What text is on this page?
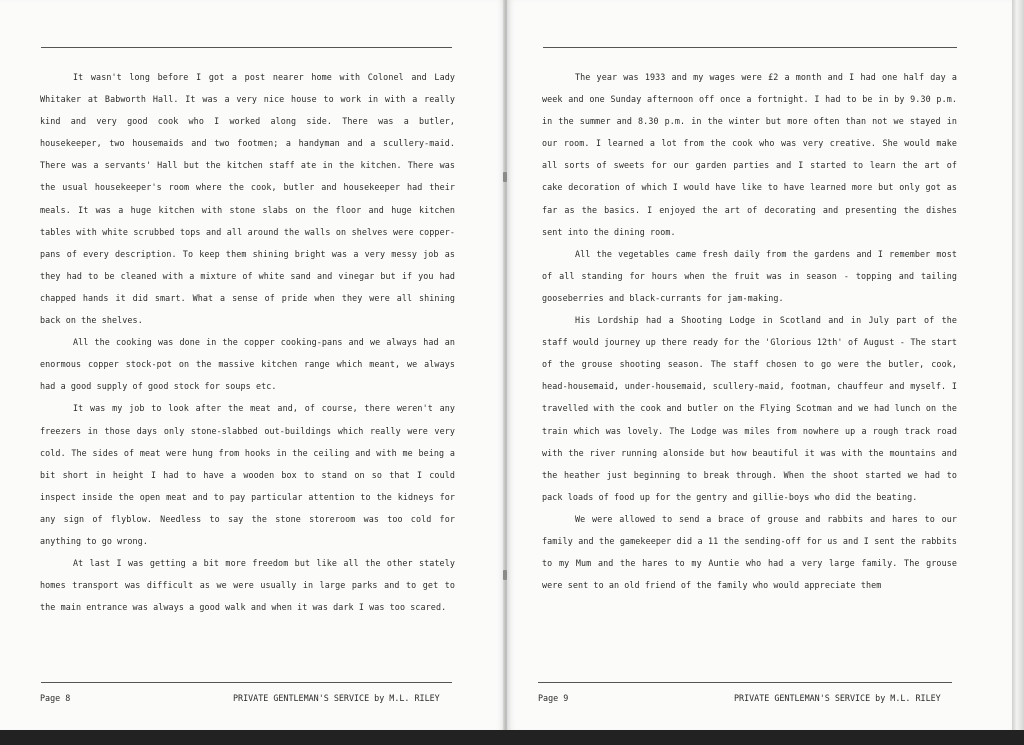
It wasn't long before I got a post nearer home with Colonel and Lady Whitaker at Babworth Hall. It was a very nice house to work in with a really kind and very good cook who I worked along side. There was a butler, housekeeper, two housemaids and two footmen; a handyman and a scullery-maid. There was a servants' Hall but the kitchen staff ate in the kitchen. There was the usual housekeeper's room where the cook, butler and housekeeper had their meals. It was a huge kitchen with stone slabs on the floor and huge kitchen tables with white scrubbed tops and all around the walls on shelves were copper-pans of every description. To keep them shining bright was a very messy job as they had to be cleaned with a mixture of white sand and vinegar but if you had chapped hands it did smart. What a sense of pride when they were all shining back on the shelves.

All the cooking was done in the copper cooking-pans and we always had an enormous copper stock-pot on the massive kitchen range which meant, we always had a good supply of good stock for soups etc.

It was my job to look after the meat and, of course, there weren't any freezers in those days only stone-slabbed out-buildings which really were very cold. The sides of meat were hung from hooks in the ceiling and with me being a bit short in height I had to have a wooden box to stand on so that I could inspect inside the open meat and to pay particular attention to the kidneys for any sign of flyblow. Needless to say the stone storeroom was too cold for anything to go wrong.

At last I was getting a bit more freedom but like all the other stately homes transport was difficult as we were usually in large parks and to get to the main entrance was always a good walk and when it was dark I was too scared.

Page 8	PRIVATE GENTLEMAN'S SERVICE by M.L. RILEY

The year was 1933 and my wages were £2 a month and I had one half day a week and one Sunday afternoon off once a fortnight. I had to be in by 9.30 p.m. in the summer and 8.30 p.m. in the winter but more often than not we stayed in our room. I learned a lot from the cook who was very creative. She would make all sorts of sweets for our garden parties and I started to learn the art of cake decoration of which I would have like to have learned more but only got as far as the basics. I enjoyed the art of decorating and presenting the dishes sent into the dining room.

All the vegetables came fresh daily from the gardens and I remember most of all standing for hours when the fruit was in season - topping and tailing gooseberries and black-currants for jam-making.

His Lordship had a Shooting Lodge in Scotland and in July part of the staff would journey up there ready for the 'Glorious 12th' of August - The start of the grouse shooting season. The staff chosen to go were the butler, cook, head-housemaid, under-housemaid, scullery-maid, footman, chauffeur and myself. I travelled with the cook and butler on the Flying Scotman and we had lunch on the train which was lovely. The Lodge was miles from nowhere up a rough track road with the river running alonside but how beautiful it was with the mountains and the heather just beginning to break through. When the shoot started we had to pack loads of food up for the gentry and gillie-boys who did the beating.

We were allowed to send a brace of grouse and rabbits and hares to our family and the gamekeeper did a 11 the sending-off for us and I sent the rabbits to my Mum and the hares to my Auntie who had a very large family. The grouse were sent to an old friend of the family who would appreciate them

Page 9	PRIVATE GENTLEMAN'S SERVICE by M.L. RILEY
